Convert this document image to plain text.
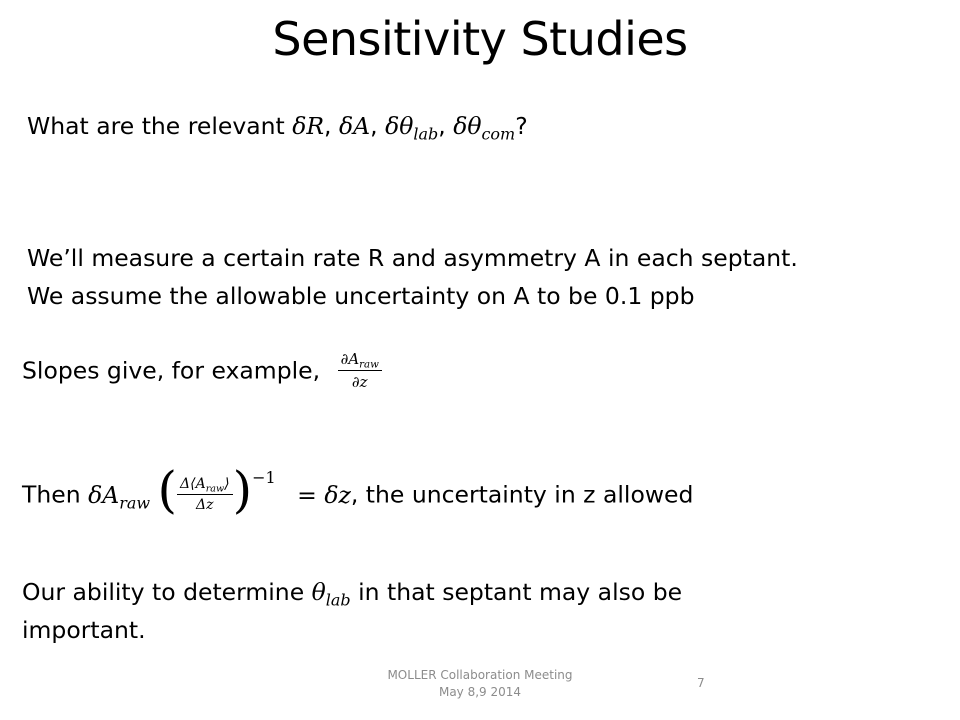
Sensitivity Studies
What are the relevant δR, δA, $\delta\theta_{lab}$, $\delta\theta_{com}$?
We’ll measure a certain rate R and asymmetry A in each septant.
We assume the allowable uncertainty on A to be 0.1 ppb
Slopes give, for example, $\frac{\partial A_{raw}}{\partial z}$
Then $\delta A_{raw}$ ( $\frac{\Delta⟨A_{raw}⟩}{\Delta z} )^{-1} = \delta z$, the uncertainty in z allowed
Our ability to determine $\theta_{lab}$ in that septant may also be
important.
MOLLER Collaboration Meeting
May 8,9 2014
7
